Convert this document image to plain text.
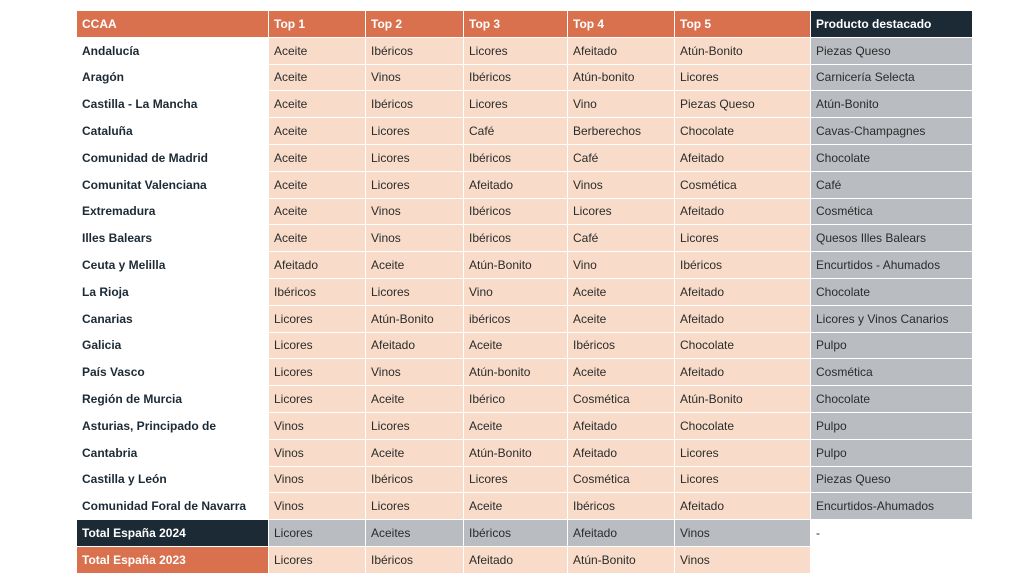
CCAA	Top 1	Top 2	Top 3	Top 4	Top 5	Producto destacado
Andalucía	Aceite	Ibéricos	Licores	Afeitado	Atún-Bonito	Piezas Queso
Aragón	Aceite	Vinos	Ibéricos	Atún-bonito	Licores	Carnicería Selecta
Castilla - La Mancha	Aceite	Ibéricos	Licores	Vino	Piezas Queso	Atún-Bonito
Cataluña	Aceite	Licores	Café	Berberechos	Chocolate	Cavas-Champagnes
Comunidad de Madrid	Aceite	Licores	Ibéricos	Café	Afeitado	Chocolate
Comunitat Valenciana	Aceite	Licores	Afeitado	Vinos	Cosmética	Café
Extremadura	Aceite	Vinos	Ibéricos	Licores	Afeitado	Cosmética
Illes Balears	Aceite	Vinos	Ibéricos	Café	Licores	Quesos Illes Balears
Ceuta y Melilla	Afeitado	Aceite	Atún-Bonito	Vino	Ibéricos	Encurtidos - Ahumados
La Rioja	Ibéricos	Licores	Vino	Aceite	Afeitado	Chocolate
Canarias	Licores	Atún-Bonito	ibéricos	Aceite	Afeitado	Licores y Vinos Canarios
Galicia	Licores	Afeitado	Aceite	Ibéricos	Chocolate	Pulpo
País Vasco	Licores	Vinos	Atún-bonito	Aceite	Afeitado	Cosmética
Región de Murcia	Licores	Aceite	Ibérico	Cosmética	Atún-Bonito	Chocolate
Asturias, Principado de	Vinos	Licores	Aceite	Afeitado	Chocolate	Pulpo
Cantabria	Vinos	Aceite	Atún-Bonito	Afeitado	Licores	Pulpo
Castilla y León	Vinos	Ibéricos	Licores	Cosmética	Licores	Piezas Queso
Comunidad Foral de Navarra	Vinos	Licores	Aceite	Ibéricos	Afeitado	Encurtidos-Ahumados
Total España 2024	Licores	Aceites	Ibéricos	Afeitado	Vinos	-
Total España 2023	Licores	Ibéricos	Afeitado	Atún-Bonito	Vinos	
